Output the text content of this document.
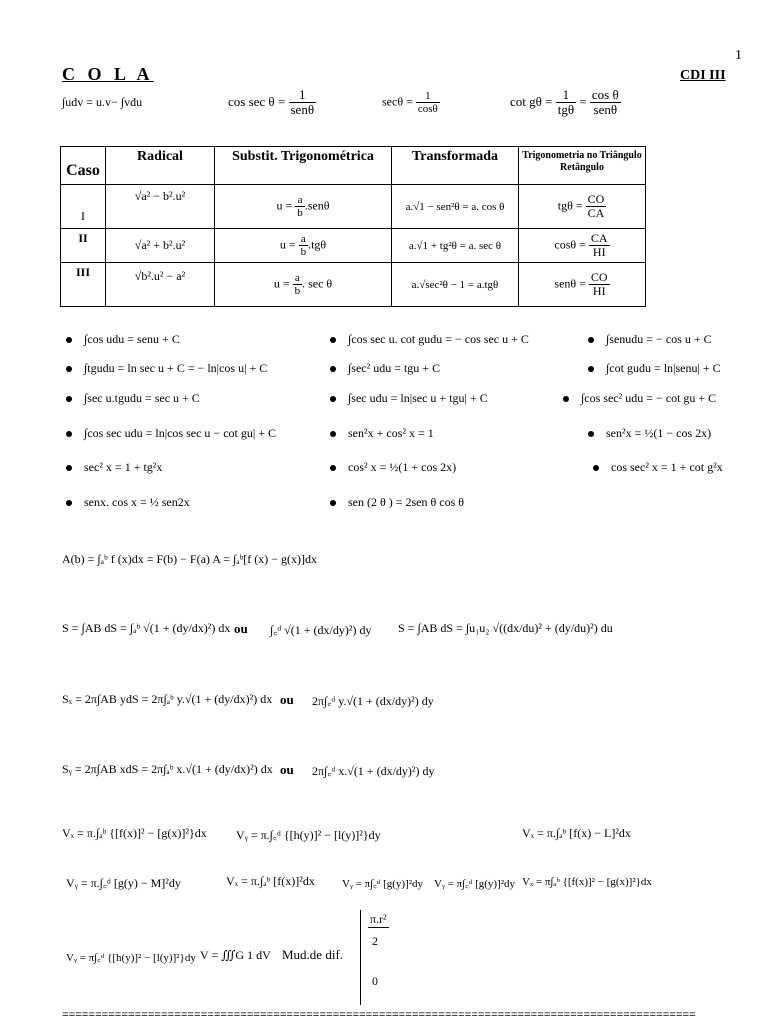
1
C O L A	CDI III
∫udv = u.v− ∫vdu	$\cos \sec \theta = \frac{1}{\text{senθ}}$	$\sec\theta = \frac{1}{\cos\theta}$	$\cot g\theta = \frac{1}{\text{tgθ}} = \frac{\text{cos θ}}{\text{senθ}}$
Caso	Radical	Substit. Trigonométrica	Transformada	Trigonometria no Triângulo Retângulo
I	√a² − b².u²	$u = \frac{a}{b} .sen\theta$	a.√1 − sen²θ = a. cos θ	$tg\theta = \frac{CO}{CA}$

II	√a² + b².u²	$u = \frac{a}{b} .tg\theta$	a.√1 + tg²θ = a. sec θ	$\cos\theta = \frac{CA}{HI}$

III	√b².u² − a²	$u = \frac{a}{b}$ . sec θ	a.√sec²θ − 1 = a.tgθ	$sen\theta = \frac{CO}{HI}$
∫cos udu = senu + C	∫cos sec u. cot gudu = − cos sec u + C	∫senudu = − cos u + C
∫tgudu = ln sec u + C = − ln|cos u| + C	∫sec² udu = tgu + C	∫cot gudu = ln|senu| + C
∫sec u.tgudu = sec u + C	∫sec udu = ln|sec u + tgu| + C	∫cos sec² udu = − cot gu + C
∫cos sec udu = ln|cos sec u − cot gu| + C	sen²x + cos² x = 1	sen²x = ½(1 − cos 2x)
sec² x = 1 + tg²x	cos² x = ½(1 + cos 2x)	cos sec² x = 1 + cot g²x
senx. cos x = ½ sen2x	sen (2 θ ) = 2sen θ cos θ
A(b) = ∫ₐᵇ f (x)dx = F(b) − F(a) A = ∫ₐᵇ[f (x) − g(x)]dx
S = ∫AB dS = ∫ₐᵇ √(1 + (dy/dx)²) dx ou ∫꜀ᵈ √(1 + (dx/dy)²) dy S = ∫AB dS = ∫u₁u₂ √((dx/du)² + (dy/du)²) du
Sₓ = 2π∫AB ydS = 2π∫ₐᵇ y.√(1 + (dy/dx)²) dx ou 2π∫꜀ᵈ y.√(1 + (dx/dy)²) dy
Sᵧ = 2π∫AB xdS = 2π∫ₐᵇ x.√(1 + (dy/dx)²) dx ou 2π∫꜀ᵈ x.√(1 + (dx/dy)²) dy
Vₓ = π.∫ₐᵇ {[f(x)]² − [g(x)]²}dx Vᵧ = π.∫꜀ᵈ {[h(y)]² − [l(y)]²}dy	Vₓ = π.∫ₐᵇ [f(x) − L]²dx
Vᵧ = π.∫꜀ᵈ [g(y) − M]²dy	Vₓ = π.∫ₐᵇ [f(x)]²dx Vᵧ = π∫꜀ᵈ [g(y)]²dy Vᵧ = π∫꜀ᵈ [g(y)]²dy Vₓ = π∫ₐᵇ {[f(x)]² − [g(x)]²}dx
Vᵧ = π∫꜀ᵈ {[h(y)]² − [l(y)]²}dy V = ∭G 1 dV Mud.de dif.
π.r²
2
0
================================================================================================
